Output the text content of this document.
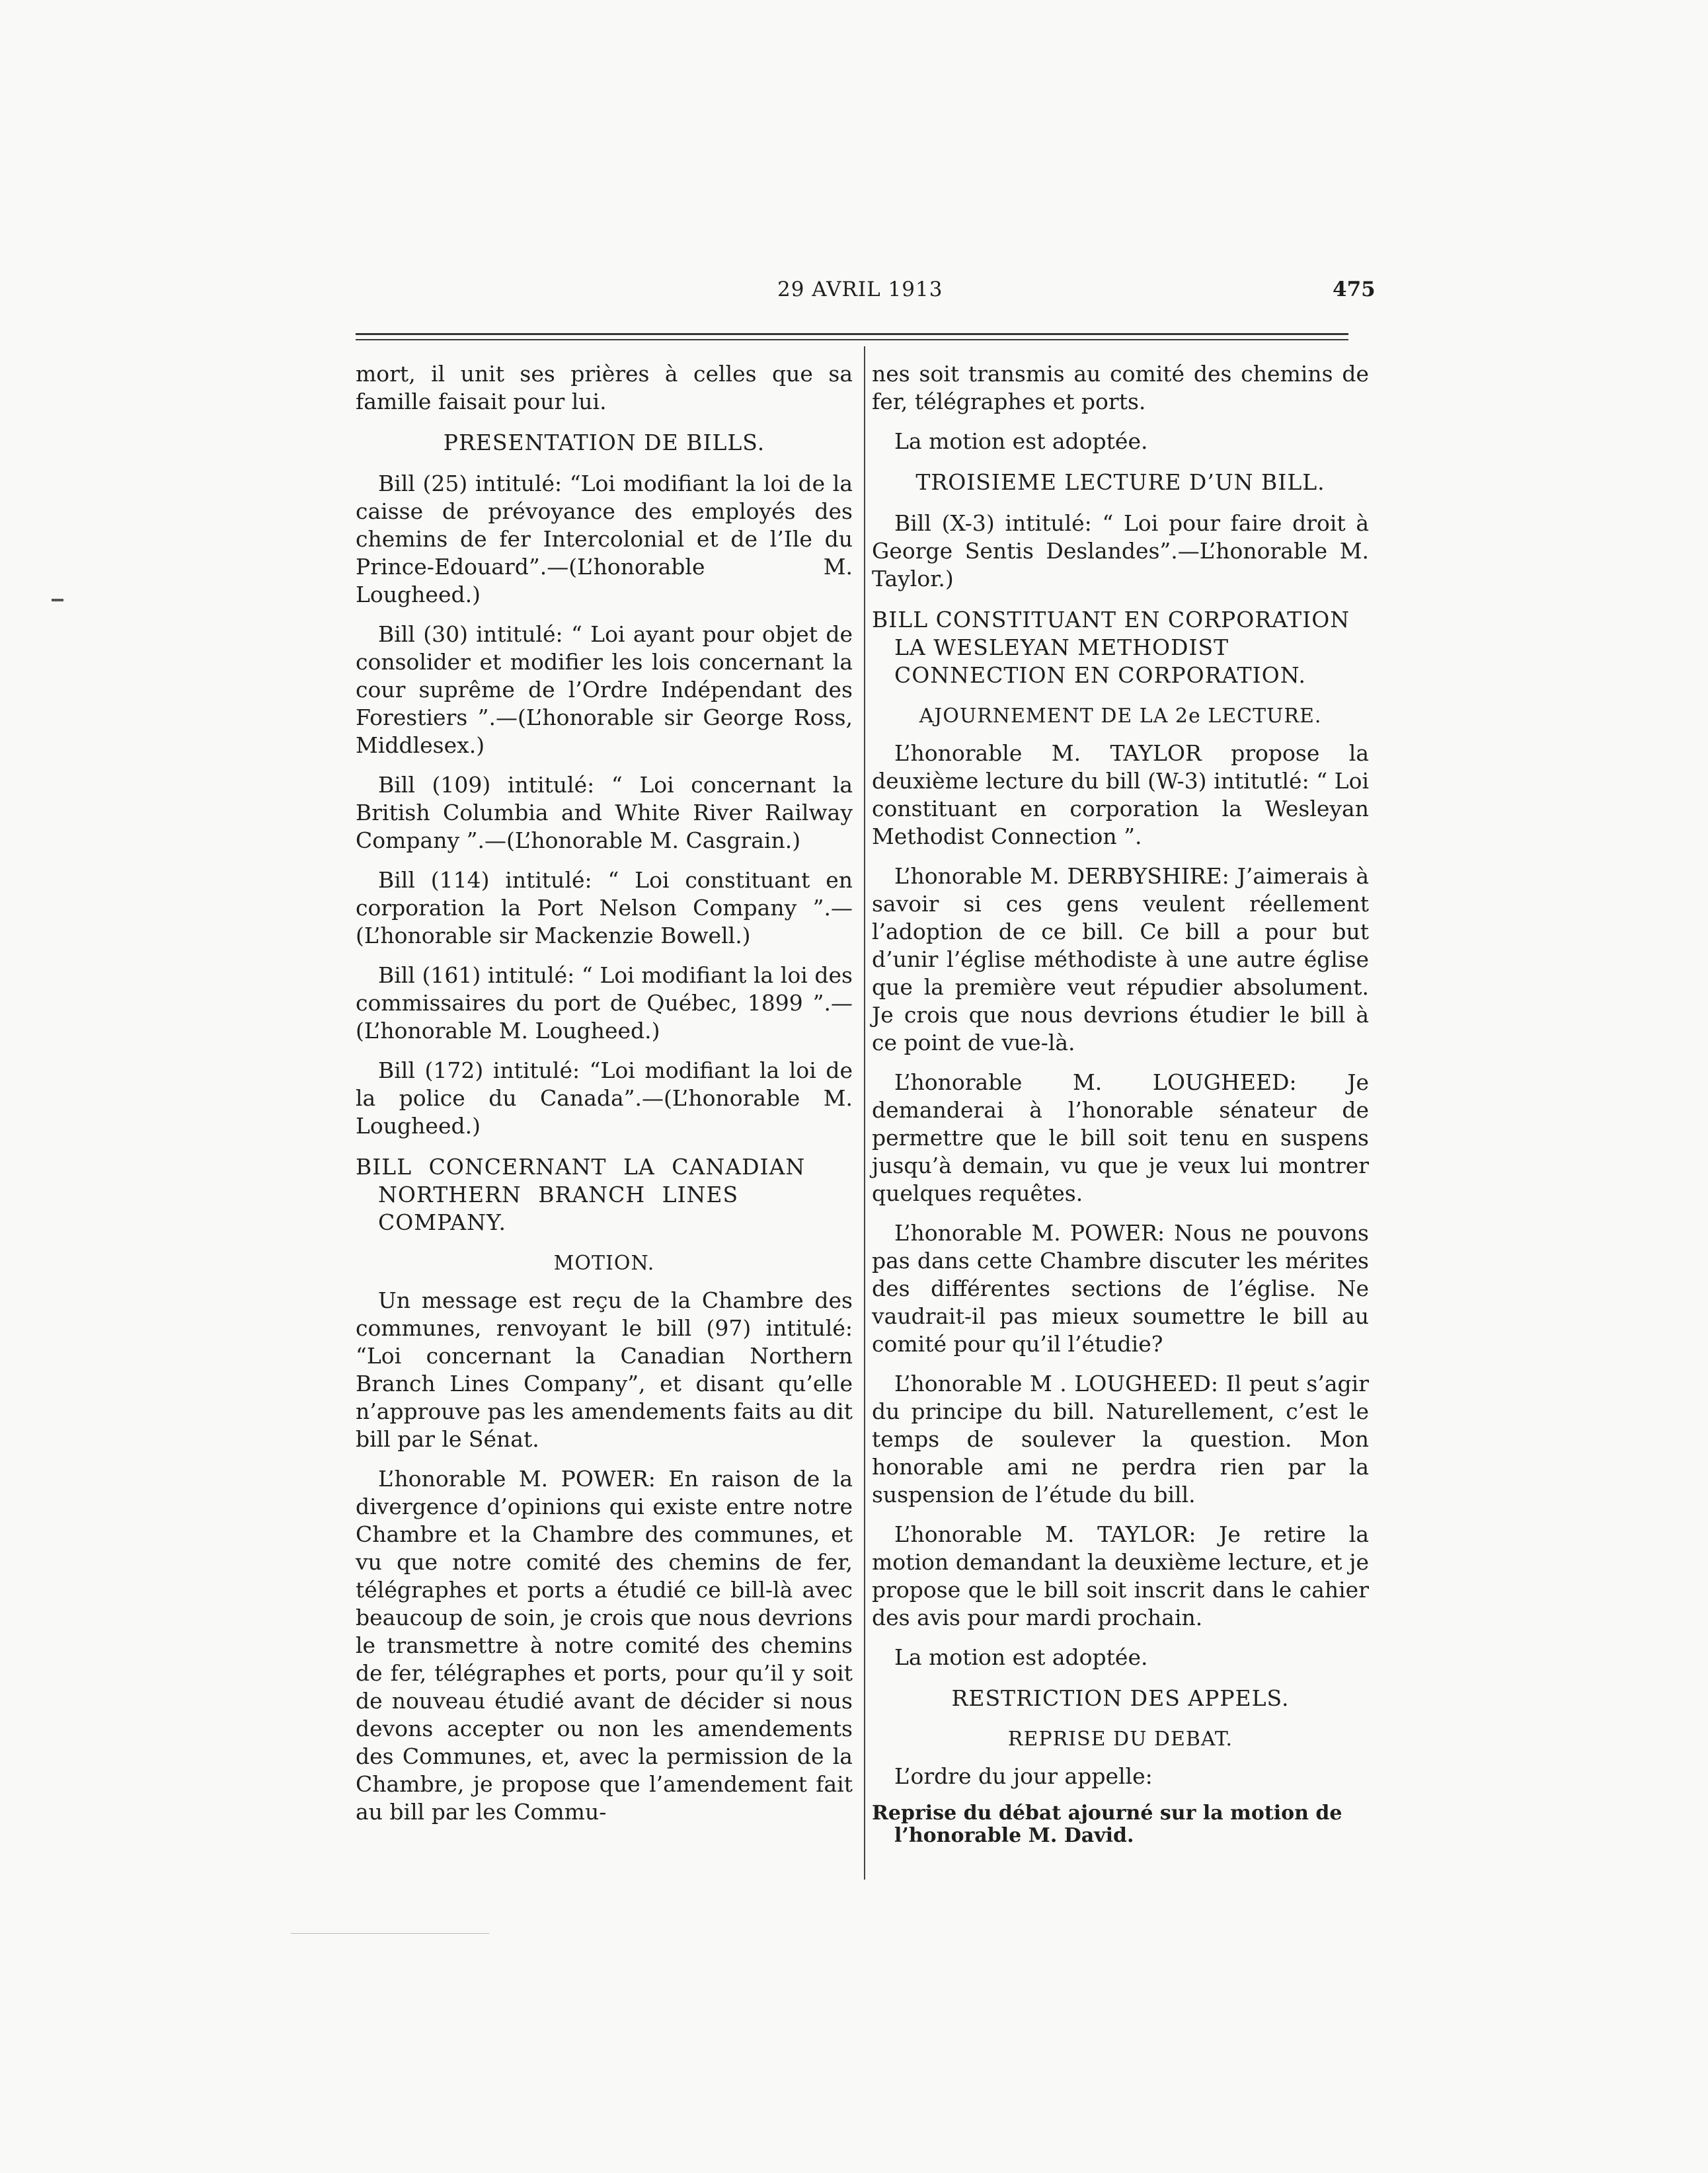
29 AVRIL 1913	475

mort, il unit ses prières à celles que sa famille faisait pour lui.

PRESENTATION DE BILLS.

Bill (25) intitulé: “Loi modifiant la loi de la caisse de prévoyance des employés des chemins de fer Intercolonial et de l’Ile du Prince-Edouard”.—(L’honorable M. Lougheed.)

Bill (30) intitulé: “ Loi ayant pour objet de consolider et modifier les lois concernant la cour suprême de l’Ordre Indépendant des Forestiers ”.—(L’honorable sir George Ross, Middlesex.)

Bill (109) intitulé: “ Loi concernant la British Columbia and White River Railway Company ”.—(L’honorable M. Casgrain.)

Bill (114) intitulé: “ Loi constituant en corporation la Port Nelson Company ”.—(L’honorable sir Mackenzie Bowell.)

Bill (161) intitulé: “ Loi modifiant la loi des commissaires du port de Québec, 1899 ”.—(L’honorable M. Lougheed.)

Bill (172) intitulé: “Loi modifiant la loi de la police du Canada”.—(L’honorable M. Lougheed.)

BILL CONCERNANT LA CANADIAN NORTHERN BRANCH LINES COMPANY.
MOTION.

Un message est reçu de la Chambre des communes, renvoyant le bill (97) intitulé: “Loi concernant la Canadian Northern Branch Lines Company”, et disant qu’elle n’approuve pas les amendements faits au dit bill par le Sénat.

L’honorable M. POWER: En raison de la divergence d’opinions qui existe entre notre Chambre et la Chambre des communes, et vu que notre comité des chemins de fer, télégraphes et ports a étudié ce bill-là avec beaucoup de soin, je crois que nous devrions le transmettre à notre comité des chemins de fer, télégraphes et ports, pour qu’il y soit de nouveau étudié avant de décider si nous devons accepter ou non les amendements des Communes, et, avec la permission de la Chambre, je propose que l’amendement fait au bill par les Commu-

nes soit transmis au comité des chemins de fer, télégraphes et ports.

La motion est adoptée.

TROISIEME LECTURE D’UN BILL.

Bill (X-3) intitulé: “ Loi pour faire droit à George Sentis Deslandes”.—L’honorable M. Taylor.)

BILL CONSTITUANT EN CORPORATION LA WESLEYAN METHODIST CONNECTION EN CORPORATION.
AJOURNEMENT DE LA 2e LECTURE.

L’honorable M. TAYLOR propose la deuxième lecture du bill (W-3) intitutlé: “ Loi constituant en corporation la Wesleyan Methodist Connection ”.

L’honorable M. DERBYSHIRE: J’aimerais à savoir si ces gens veulent réellement l’adoption de ce bill. Ce bill a pour but d’unir l’église méthodiste à une autre église que la première veut répudier absolument. Je crois que nous devrions étudier le bill à ce point de vue-là.

L’honorable M. LOUGHEED: Je demanderai à l’honorable sénateur de permettre que le bill soit tenu en suspens jusqu’à demain, vu que je veux lui montrer quelques requêtes.

L’honorable M. POWER: Nous ne pouvons pas dans cette Chambre discuter les mérites des différentes sections de l’église. Ne vaudrait-il pas mieux soumettre le bill au comité pour qu’il l’étudie?

L’honorable M . LOUGHEED: Il peut s’agir du principe du bill. Naturellement, c’est le temps de soulever la question. Mon honorable ami ne perdra rien par la suspension de l’étude du bill.

L’honorable M. TAYLOR: Je retire la motion demandant la deuxième lecture, et je propose que le bill soit inscrit dans le cahier des avis pour mardi prochain.

La motion est adoptée.

RESTRICTION DES APPELS.
REPRISE DU DEBAT.

L’ordre du jour appelle:

Reprise du débat ajourné sur la motion de l’honorable M. David.
